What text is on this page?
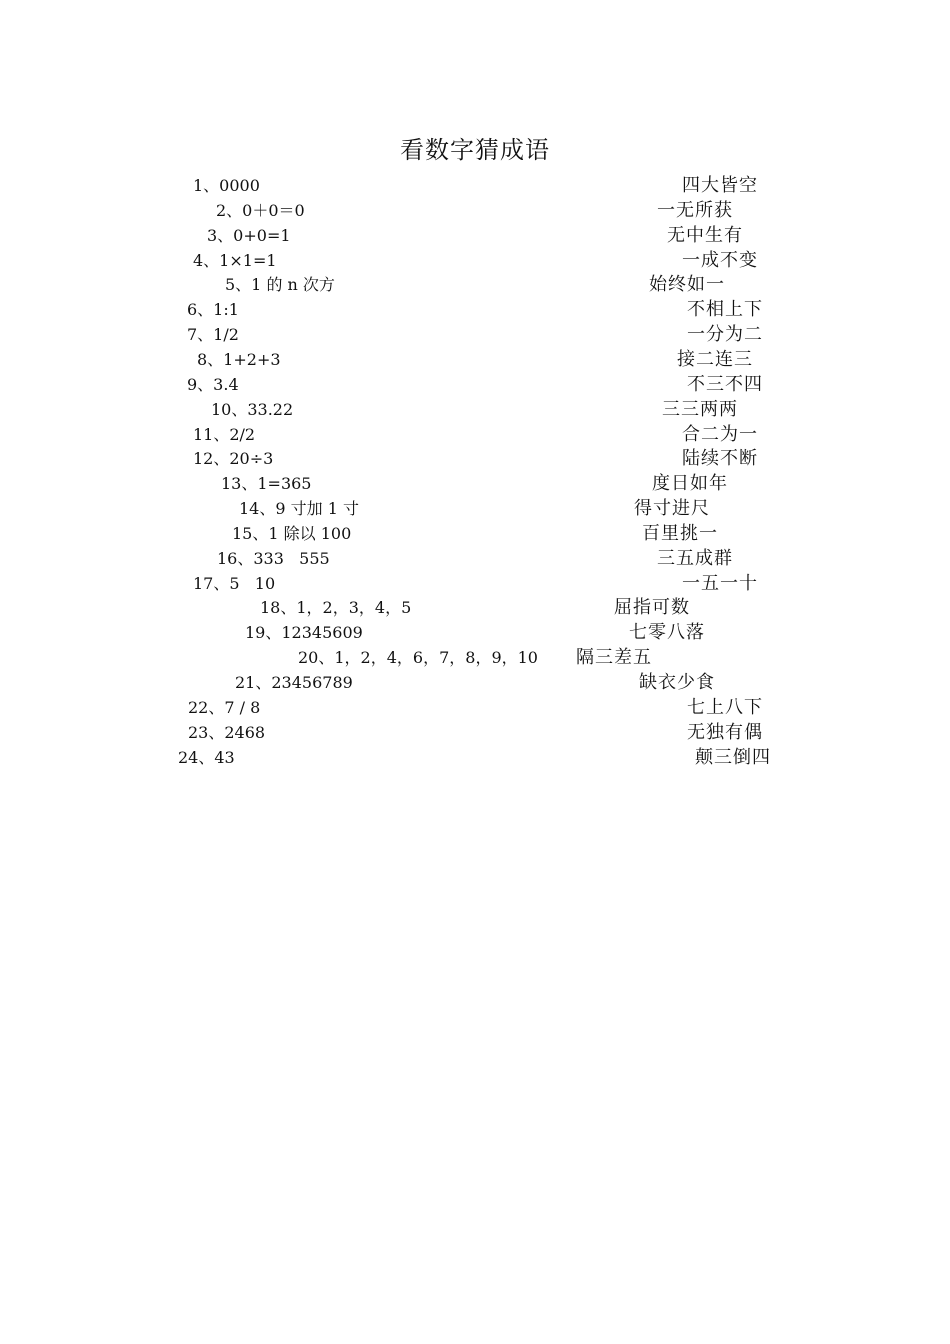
看数字猜成语
1、0000	四大皆空
2、0＋0＝0	一无所获
3、0+0=1	无中生有
4、1×1=1	一成不变
5、1 的 n 次方	始终如一
6、1:1	不相上下
7、1/2	一分为二
8、1+2+3	接二连三
9、3.4	不三不四
10、33.22	三三两两
11、2/2	合二为一
12、20÷3	陆续不断
13、1=365	度日如年
14、9 寸加 1 寸	得寸进尺
15、1 除以 100	百里挑一
16、333   555	三五成群
17、5   10	一五一十
18、1，2，3，4，5	屈指可数
19、12345609	七零八落
20、1，2，4，6，7，8，9，10 隔三差五
21、23456789	缺衣少食
22、7 / 8	七上八下
23、2468	无独有偶
24、43	颠三倒四
